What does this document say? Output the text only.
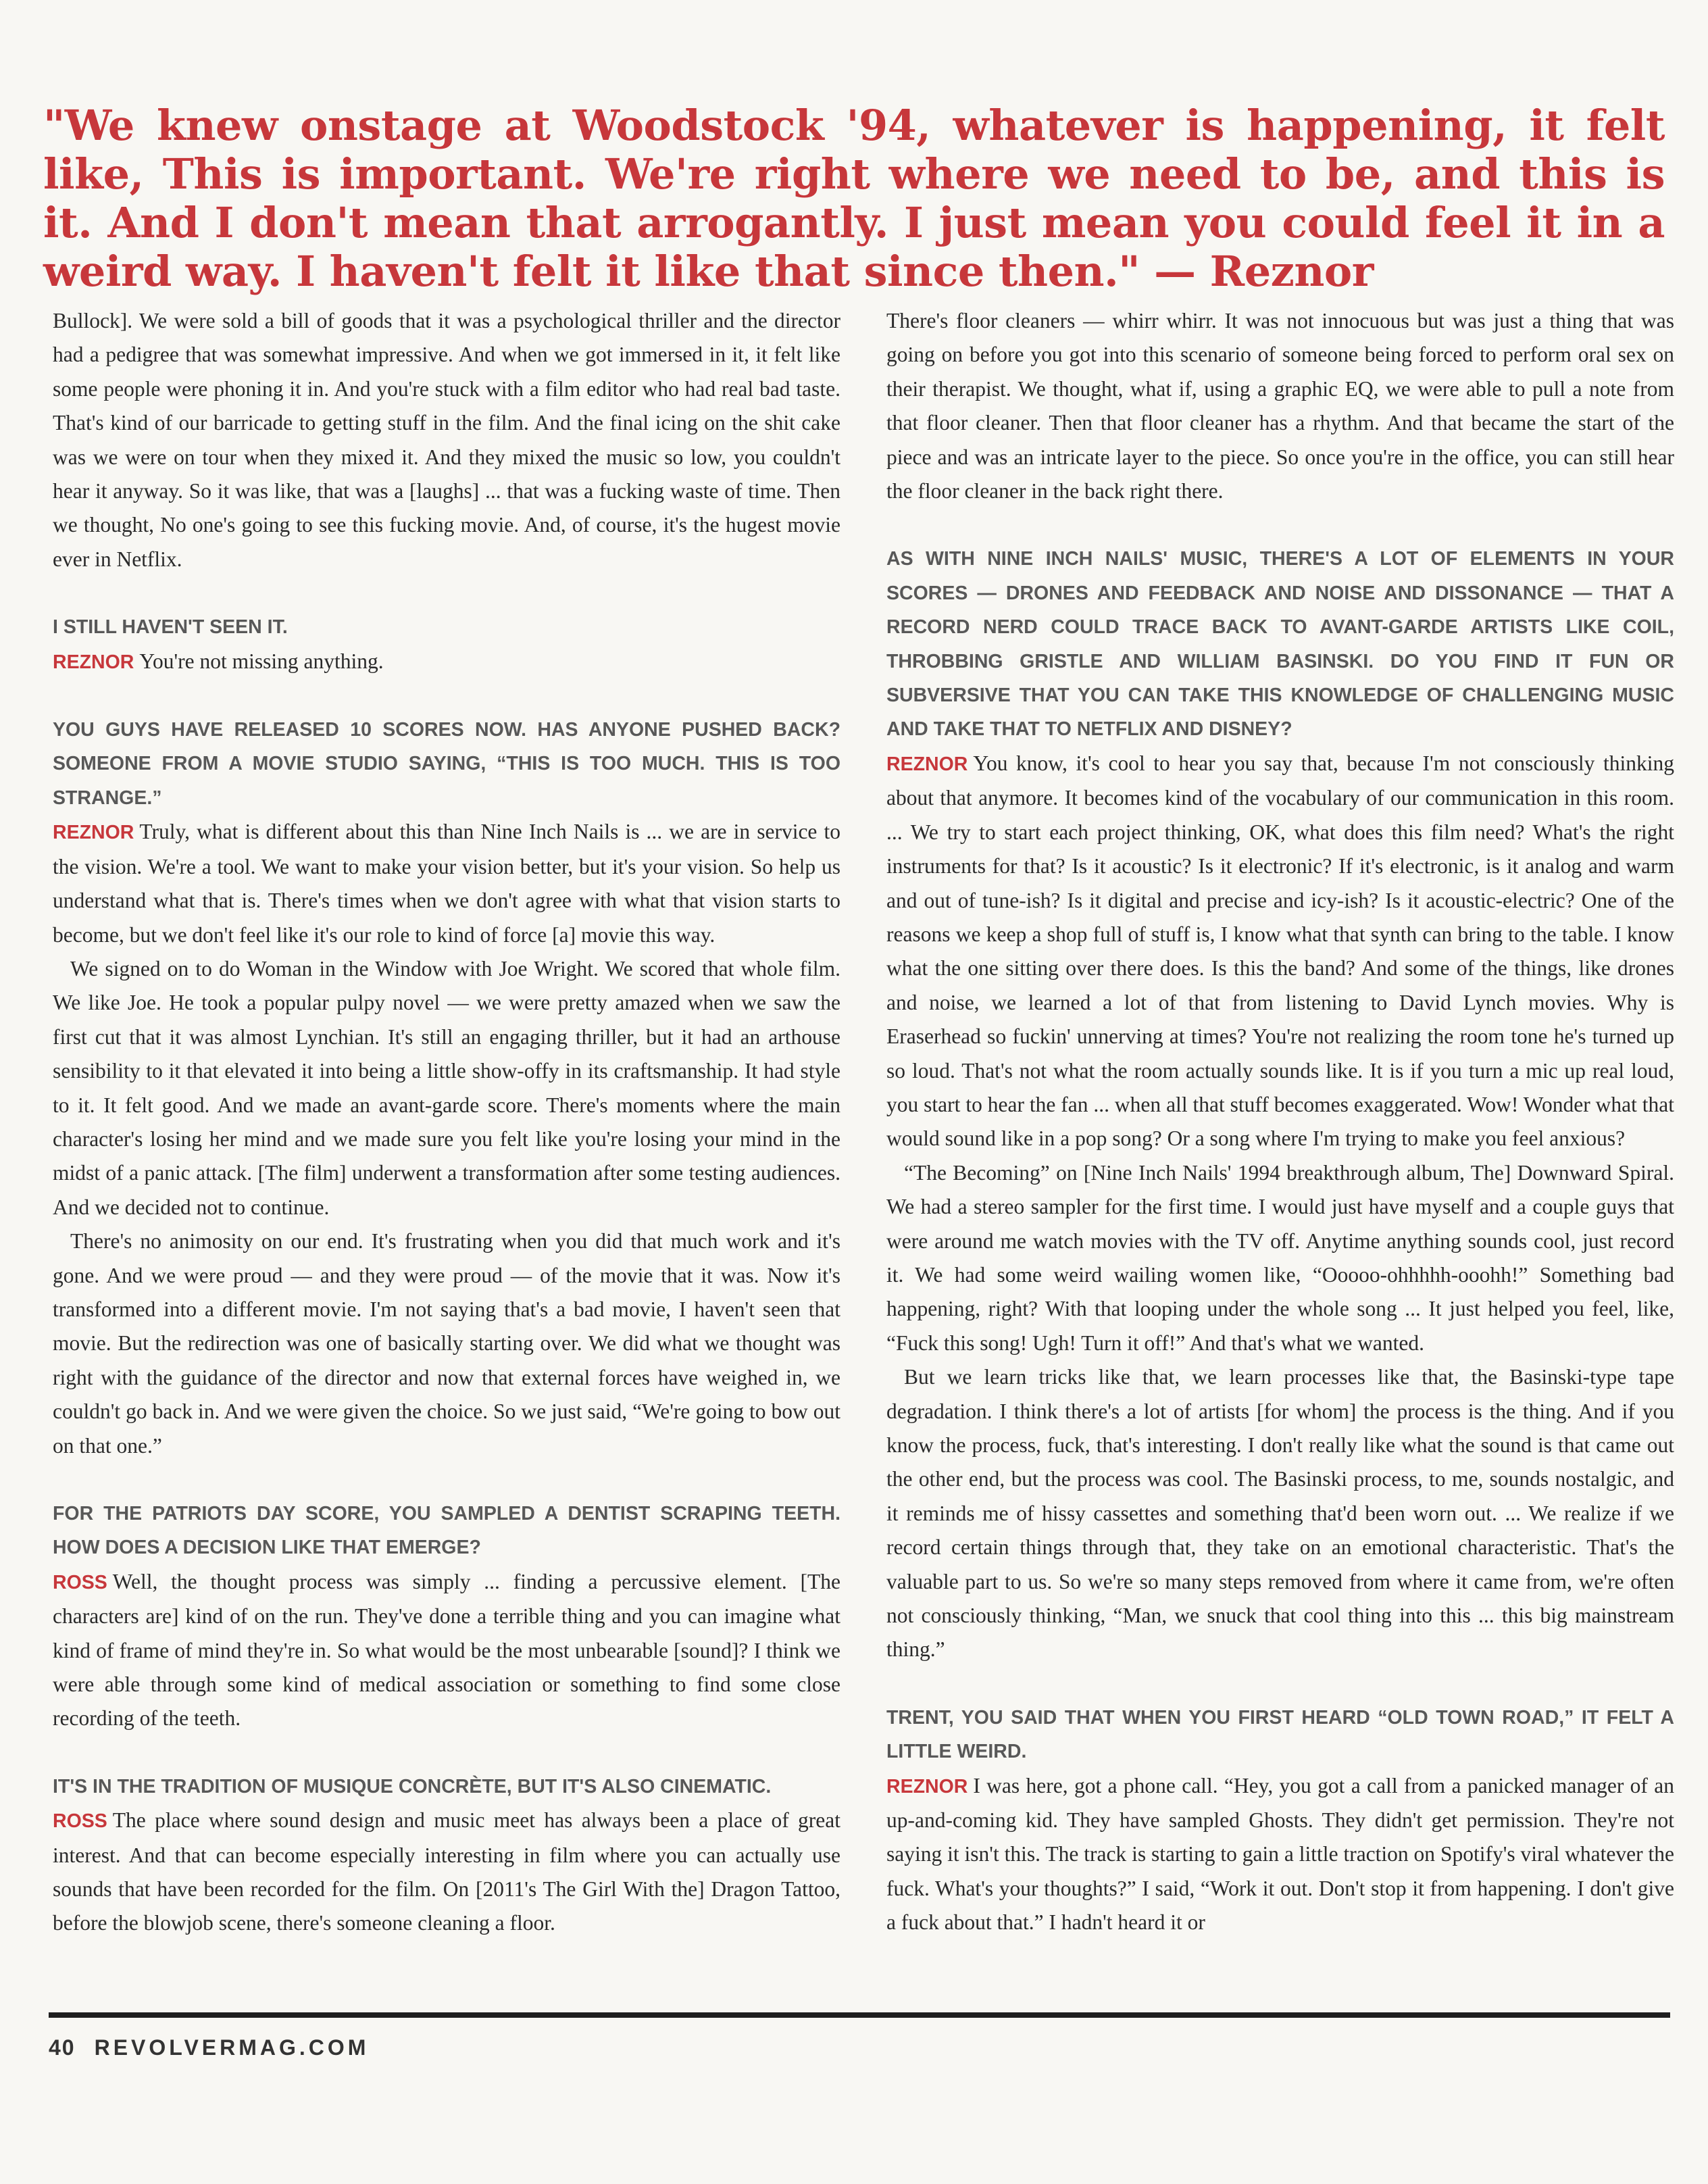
"We knew onstage at Woodstock '94, whatever is happening, it felt like, This is important. We're right where we need to be, and this is it. And I don't mean that arrogantly. I just mean you could feel it in a weird way. I haven't felt it like that since then." — Reznor

Bullock]. We were sold a bill of goods that it was a psychological thriller and the director had a pedigree that was somewhat impressive. And when we got immersed in it, it felt like some people were phoning it in. And you're stuck with a film editor who had real bad taste. That's kind of our barricade to getting stuff in the film. And the final icing on the shit cake was we were on tour when they mixed it. And they mixed the music so low, you couldn't hear it anyway. So it was like, that was a [laughs] ... that was a fucking waste of time. Then we thought, No one's going to see this fucking movie. And, of course, it's the hugest movie ever in Netflix.

I STILL HAVEN'T SEEN IT.

REZNOR You're not missing anything.

YOU GUYS HAVE RELEASED 10 SCORES NOW. HAS ANYONE PUSHED BACK? SOMEONE FROM A MOVIE STUDIO SAYING, “THIS IS TOO MUCH. THIS IS TOO STRANGE.”

REZNOR Truly, what is different about this than Nine Inch Nails is ... we are in service to the vision. We're a tool. We want to make your vision better, but it's your vision. So help us understand what that is. There's times when we don't agree with what that vision starts to become, but we don't feel like it's our role to kind of force [a] movie this way.

We signed on to do Woman in the Window with Joe Wright. We scored that whole film. We like Joe. He took a popular pulpy novel — we were pretty amazed when we saw the first cut that it was almost Lynchian. It's still an engaging thriller, but it had an arthouse sensibility to it that elevated it into being a little show-offy in its craftsmanship. It had style to it. It felt good. And we made an avant-garde score. There's moments where the main character's losing her mind and we made sure you felt like you're losing your mind in the midst of a panic attack. [The film] underwent a transformation after some testing audiences. And we decided not to continue.

There's no animosity on our end. It's frustrating when you did that much work and it's gone. And we were proud — and they were proud — of the movie that it was. Now it's transformed into a different movie. I'm not saying that's a bad movie, I haven't seen that movie. But the redirection was one of basically starting over. We did what we thought was right with the guidance of the director and now that external forces have weighed in, we couldn't go back in. And we were given the choice. So we just said, “We're going to bow out on that one.”

FOR THE PATRIOTS DAY SCORE, YOU SAMPLED A DENTIST SCRAPING TEETH. HOW DOES A DECISION LIKE THAT EMERGE?

ROSS Well, the thought process was simply ... finding a percussive element. [The characters are] kind of on the run. They've done a terrible thing and you can imagine what kind of frame of mind they're in. So what would be the most unbearable [sound]? I think we were able through some kind of medical association or something to find some close recording of the teeth.

IT'S IN THE TRADITION OF MUSIQUE CONCRÈTE, BUT IT'S ALSO CINEMATIC.

ROSS The place where sound design and music meet has always been a place of great interest. And that can become especially interesting in film where you can actually use sounds that have been recorded for the film. On [2011's The Girl With the] Dragon Tattoo, before the blowjob scene, there's someone cleaning a floor.

There's floor cleaners — whirr whirr. It was not innocuous but was just a thing that was going on before you got into this scenario of someone being forced to perform oral sex on their therapist. We thought, what if, using a graphic EQ, we were able to pull a note from that floor cleaner. Then that floor cleaner has a rhythm. And that became the start of the piece and was an intricate layer to the piece. So once you're in the office, you can still hear the floor cleaner in the back right there.

AS WITH NINE INCH NAILS' MUSIC, THERE'S A LOT OF ELEMENTS IN YOUR SCORES — DRONES AND FEEDBACK AND NOISE AND DISSONANCE — THAT A RECORD NERD COULD TRACE BACK TO AVANT-GARDE ARTISTS LIKE COIL, THROBBING GRISTLE AND WILLIAM BASINSKI. DO YOU FIND IT FUN OR SUBVERSIVE THAT YOU CAN TAKE THIS KNOWLEDGE OF CHALLENGING MUSIC AND TAKE THAT TO NETFLIX AND DISNEY?

REZNOR You know, it's cool to hear you say that, because I'm not consciously thinking about that anymore. It becomes kind of the vocabulary of our communication in this room. ... We try to start each project thinking, OK, what does this film need? What's the right instruments for that? Is it acoustic? Is it electronic? If it's electronic, is it analog and warm and out of tune-ish? Is it digital and precise and icy-ish? Is it acoustic-electric? One of the reasons we keep a shop full of stuff is, I know what that synth can bring to the table. I know what the one sitting over there does. Is this the band? And some of the things, like drones and noise, we learned a lot of that from listening to David Lynch movies. Why is Eraserhead so fuckin' unnerving at times? You're not realizing the room tone he's turned up so loud. That's not what the room actually sounds like. It is if you turn a mic up real loud, you start to hear the fan ... when all that stuff becomes exaggerated. Wow! Wonder what that would sound like in a pop song? Or a song where I'm trying to make you feel anxious?

“The Becoming” on [Nine Inch Nails' 1994 breakthrough album, The] Downward Spiral. We had a stereo sampler for the first time. I would just have myself and a couple guys that were around me watch movies with the TV off. Anytime anything sounds cool, just record it. We had some weird wailing women like, “Ooooo-ohhhhh-ooohh!” Something bad happening, right? With that looping under the whole song ... It just helped you feel, like, “Fuck this song! Ugh! Turn it off!” And that's what we wanted.

But we learn tricks like that, we learn processes like that, the Basinski-type tape degradation. I think there's a lot of artists [for whom] the process is the thing. And if you know the process, fuck, that's interesting. I don't really like what the sound is that came out the other end, but the process was cool. The Basinski process, to me, sounds nostalgic, and it reminds me of hissy cassettes and something that'd been worn out. ... We realize if we record certain things through that, they take on an emotional characteristic. That's the valuable part to us. So we're so many steps removed from where it came from, we're often not consciously thinking, “Man, we snuck that cool thing into this ... this big mainstream thing.”

TRENT, YOU SAID THAT WHEN YOU FIRST HEARD “OLD TOWN ROAD,” IT FELT A LITTLE WEIRD.

REZNOR I was here, got a phone call. “Hey, you got a call from a panicked manager of an up-and-coming kid. They have sampled Ghosts. They didn't get permission. They're not saying it isn't this. The track is starting to gain a little traction on Spotify's viral whatever the fuck. What's your thoughts?” I said, “Work it out. Don't stop it from happening. I don't give a fuck about that.” I hadn't heard it or

40 REVOLVERMAG.COM
